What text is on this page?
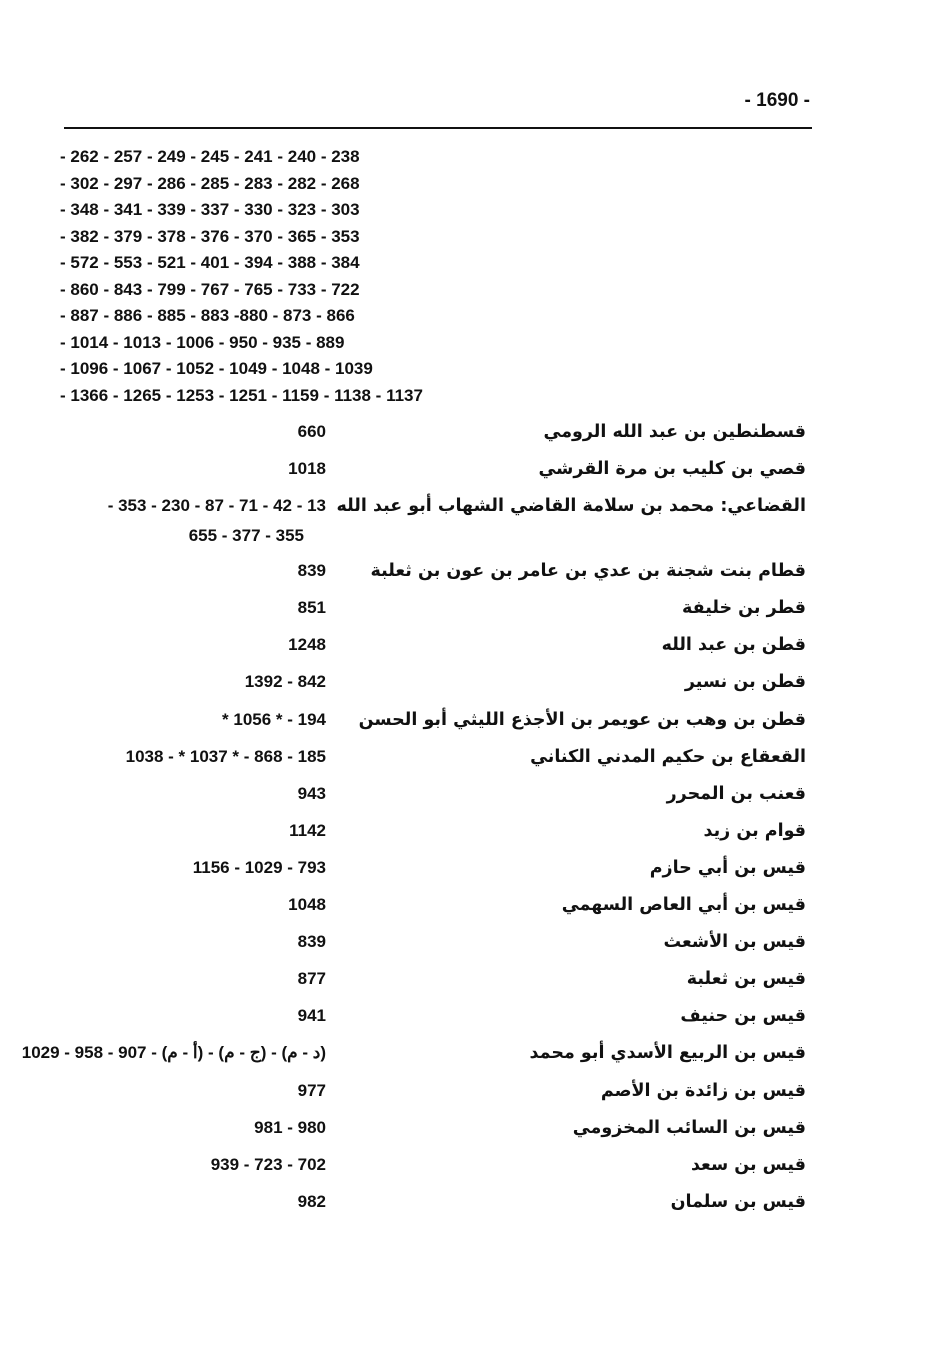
- 1690 -
- 262 - 257 - 249 - 245 - 241 - 240 - 238
- 302 - 297 - 286 - 285 - 283 - 282 - 268
- 348 - 341 - 339 - 337 - 330 - 323 - 303
- 382 - 379 - 378 - 376 - 370 - 365 - 353
- 572 - 553 - 521 - 401 - 394 - 388 - 384
- 860 - 843 - 799 - 767 - 765 - 733 - 722
- 887 - 886 - 885 - 883 -880 - 873 - 866
- 1014 - 1013 - 1006 - 950 - 935 - 889
- 1096 - 1067 - 1052 - 1049 - 1048 - 1039
- 1366 - 1265 - 1253 - 1251 - 1159 - 1138 - 1137
قسطنطين بن عبد الله الرومي
660
قصي بن كليب بن مرة القرشي
1018
القضاعي: محمد بن سلامة القاضي الشهاب أبو عبد الله
- 353 - 230 - 87 - 71 - 42 - 13
655 - 377 - 355
قطام بنت شجنة بن عدي بن عامر بن عون بن ثعلبة
839
قطر بن خليفة
851
قطن بن عبد الله
1248
قطن بن نسير
1392 - 842
قطن بن وهب بن عويمر بن الأجذع الليثي أبو الحسن
* 1056 * - 194
القعقاع بن حكيم المدني الكناني
1038 - * 1037 * - 868 - 185
قعنب بن المحرر
943
قوام بن زيد
1142
قيس بن أبي حازم
1156 - 1029 - 793
قيس بن أبي العاص السهمي
1048
قيس بن الأشعث
839
قيس بن ثعلبة
877
قيس بن حنيف
941
قيس بن الربيع الأسدي أبو محمد
1029 - 958 - 907 - (أ - م) - (ج - م) - (د - م)
قيس بن زائدة بن الأصم
977
قيس بن السائب المخزومي
981 - 980
قيس بن سعد
939 - 723 - 702
قيس بن سلمان
982
